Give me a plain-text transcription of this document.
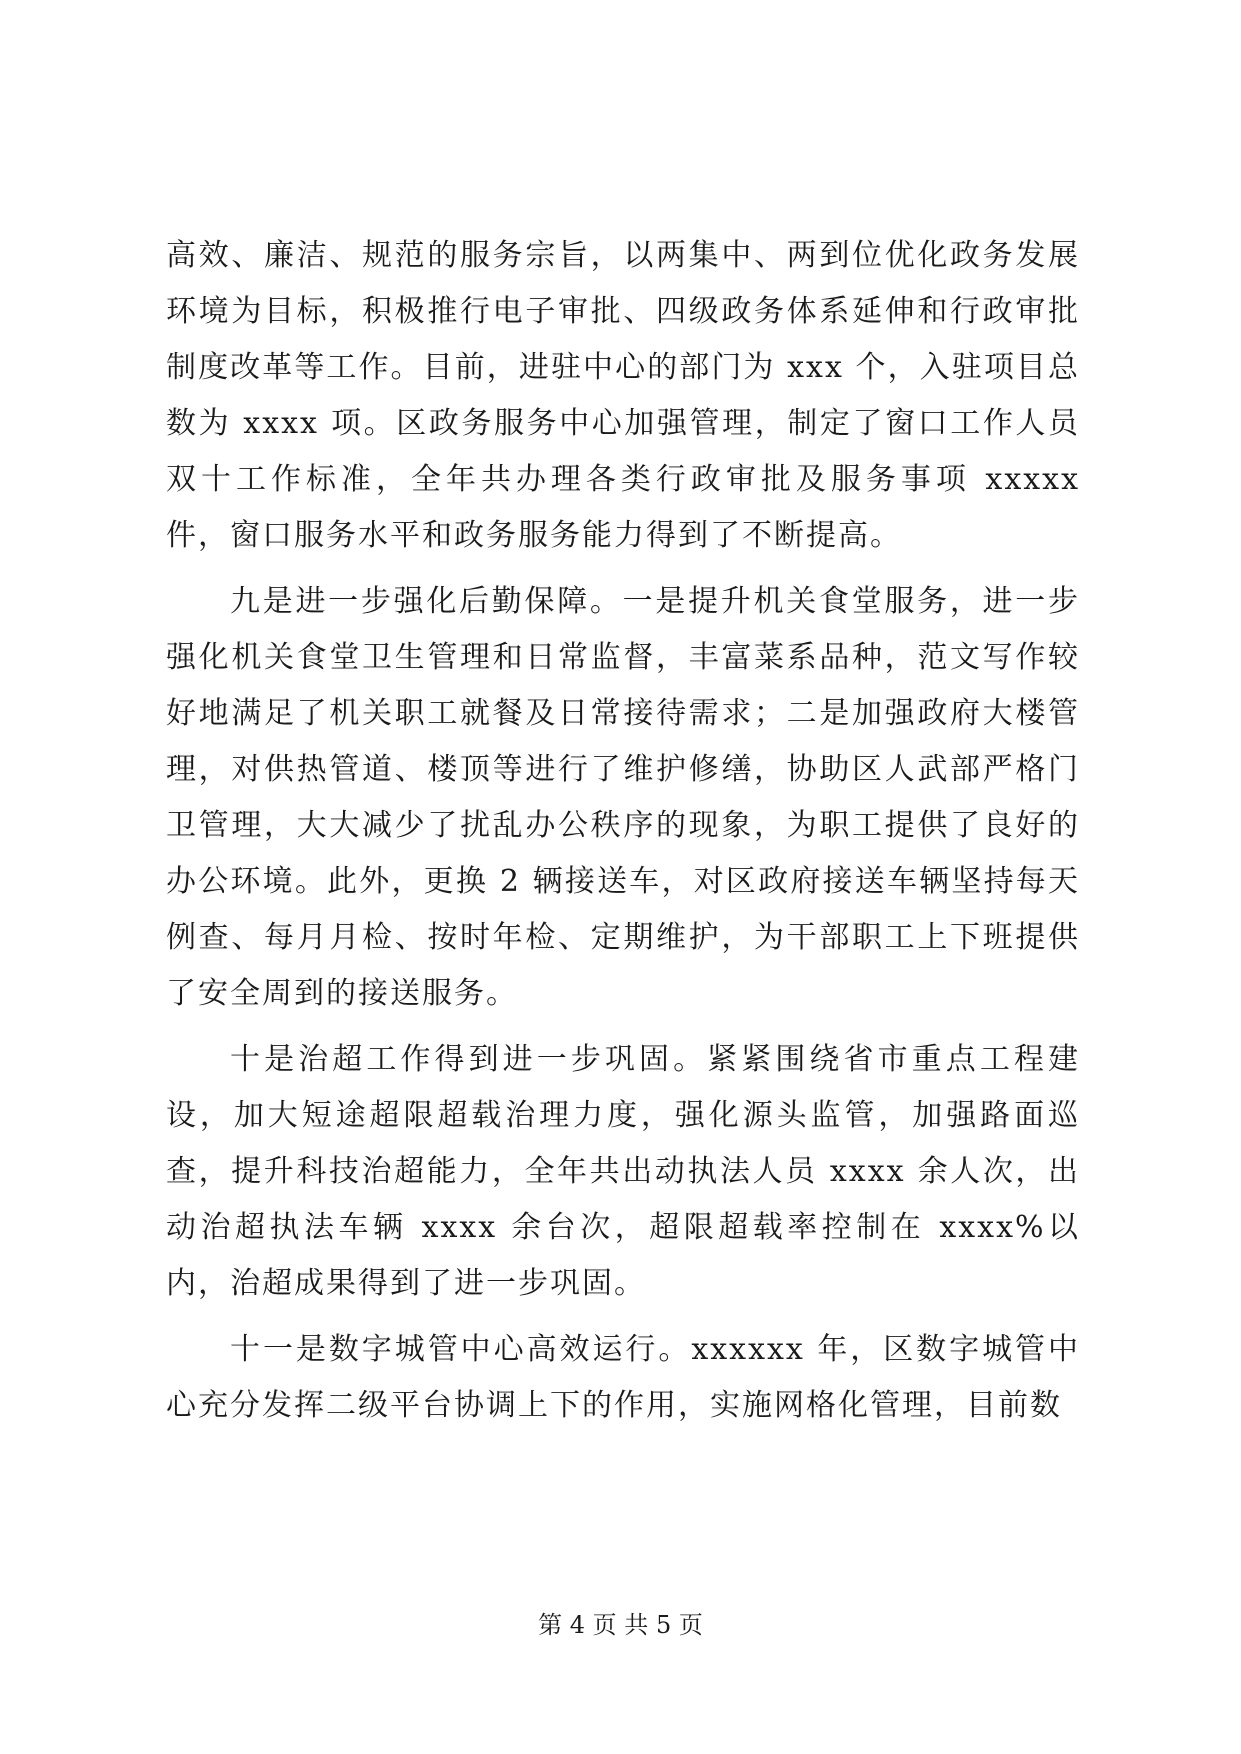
高效、廉洁、规范的服务宗旨，以两集中、两到位优化政务发展环境为目标，积极推行电子审批、四级政务体系延伸和行政审批制度改革等工作。目前，进驻中心的部门为 xxx 个，入驻项目总数为 xxxx 项。区政务服务中心加强管理，制定了窗口工作人员双十工作标准，全年共办理各类行政审批及服务事项 xxxxx 件，窗口服务水平和政务服务能力得到了不断提高。

九是进一步强化后勤保障。一是提升机关食堂服务，进一步强化机关食堂卫生管理和日常监督，丰富菜系品种，范文写作较好地满足了机关职工就餐及日常接待需求；二是加强政府大楼管理，对供热管道、楼顶等进行了维护修缮，协助区人武部严格门卫管理，大大减少了扰乱办公秩序的现象，为职工提供了良好的办公环境。此外，更换 2 辆接送车，对区政府接送车辆坚持每天例查、每月月检、按时年检、定期维护，为干部职工上下班提供了安全周到的接送服务。

十是治超工作得到进一步巩固。紧紧围绕省市重点工程建设，加大短途超限超载治理力度，强化源头监管，加强路面巡查，提升科技治超能力，全年共出动执法人员 xxxx 余人次，出动治超执法车辆 xxxx 余台次，超限超载率控制在 xxxx%以内，治超成果得到了进一步巩固。

十一是数字城管中心高效运行。xxxxxx 年，区数字城管中心充分发挥二级平台协调上下的作用，实施网格化管理，目前数

第 4 页 共 5 页
